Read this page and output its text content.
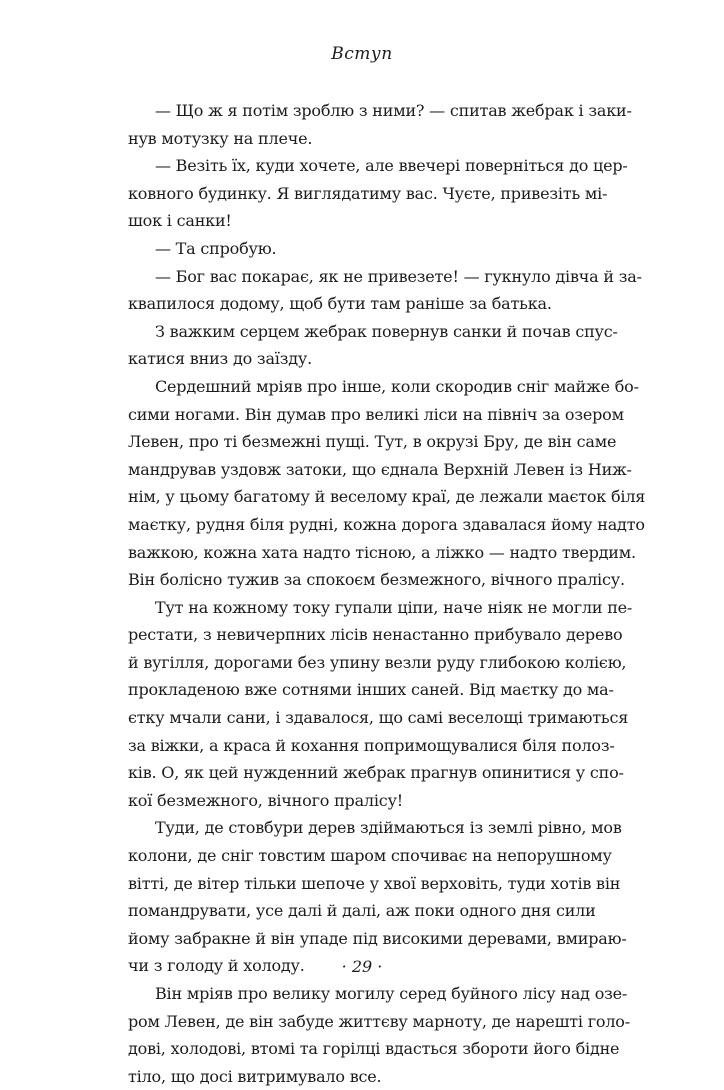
Вступ
— Що ж я потім зроблю з ними? — спитав жебрак і заки-
нув мотузку на плече.
— Везіть їх, куди хочете, але ввечері поверніться до цер-
ковного будинку. Я виглядатиму вас. Чуєте, привезіть мі-
шок і санки!
— Та спробую.
— Бог вас покарає, як не привезете! — гукнуло дівча й за-
квапилося додому, щоб бути там раніше за батька.
З важким серцем жебрак повернув санки й почав спус-
катися вниз до заїзду.
Сердешний мріяв про інше, коли скородив сніг майже бо-
сими ногами. Він думав про великі ліси на північ за озером
Левен, про ті безмежні пущі. Тут, в окрузі Бру, де він саме
мандрував уздовж затоки, що єднала Верхній Левен із Ниж-
нім, у цьому багатому й веселому краї, де лежали маєток біля
маєтку, рудня біля рудні, кожна дорога здавалася йому надто
важкою, кожна хата надто тісною, а ліжко — надто твердим.
Він болісно тужив за спокоєм безмежного, вічного пралісу.
Тут на кожному току гупали ціпи, наче ніяк не могли пе-
рестати, з невичерпних лісів ненастанно прибувало дерево
й вугілля, дорогами без упину везли руду глибокою колією,
прокладеною вже сотнями інших саней. Від маєтку до ма-
єтку мчали сани, і здавалося, що самі веселощі тримаються
за віжки, а краса й кохання попримощувалися біля полоз-
ків. О, як цей нужденний жебрак прагнув опинитися у спо-
кої безмежного, вічного пралісу!
Туди, де стовбури дерев здіймаються із землі рівно, мов
колони, де сніг товстим шаром спочиває на непорушному
вітті, де вітер тільки шепоче у хвої верховіть, туди хотів він
помандрувати, усе далі й далі, аж поки одного дня сили
йому забракне й він упаде під високими деревами, вмираю-
чи з голоду й холоду.
Він мріяв про велику могилу серед буйного лісу над озе-
ром Левен, де він забуде життєву марноту, де нарешті голо-
дові, холодові, втомі та горілці вдасться збороти його бідне
тіло, що досі витримувало все.
· 29 ·
